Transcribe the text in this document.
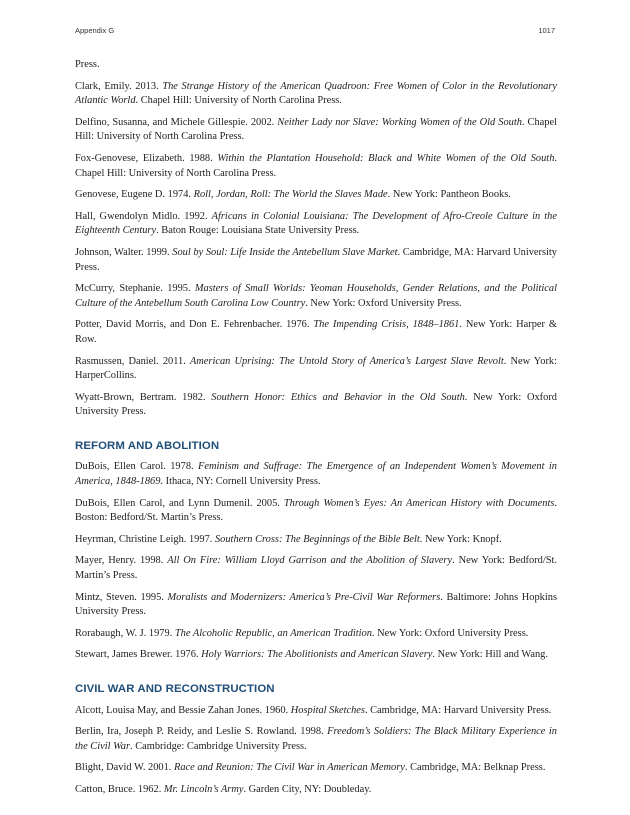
Appendix G	1017
Press.
Clark, Emily. 2013. The Strange History of the American Quadroon: Free Women of Color in the Revolutionary Atlantic World. Chapel Hill: University of North Carolina Press.
Delfino, Susanna, and Michele Gillespie. 2002. Neither Lady nor Slave: Working Women of the Old South. Chapel Hill: University of North Carolina Press.
Fox-Genovese, Elizabeth. 1988. Within the Plantation Household: Black and White Women of the Old South. Chapel Hill: University of North Carolina Press.
Genovese, Eugene D. 1974. Roll, Jordan, Roll: The World the Slaves Made. New York: Pantheon Books.
Hall, Gwendolyn Midlo. 1992. Africans in Colonial Louisiana: The Development of Afro-Creole Culture in the Eighteenth Century. Baton Rouge: Louisiana State University Press.
Johnson, Walter. 1999. Soul by Soul: Life Inside the Antebellum Slave Market. Cambridge, MA: Harvard University Press.
McCurry, Stephanie. 1995. Masters of Small Worlds: Yeoman Households, Gender Relations, and the Political Culture of the Antebellum South Carolina Low Country. New York: Oxford University Press.
Potter, David Morris, and Don E. Fehrenbacher. 1976. The Impending Crisis, 1848–1861. New York: Harper & Row.
Rasmussen, Daniel. 2011. American Uprising: The Untold Story of America’s Largest Slave Revolt. New York: HarperCollins.
Wyatt-Brown, Bertram. 1982. Southern Honor: Ethics and Behavior in the Old South. New York: Oxford University Press.
REFORM AND ABOLITION
DuBois, Ellen Carol. 1978. Feminism and Suffrage: The Emergence of an Independent Women’s Movement in America, 1848-1869. Ithaca, NY: Cornell University Press.
DuBois, Ellen Carol, and Lynn Dumenil. 2005. Through Women’s Eyes: An American History with Documents. Boston: Bedford/St. Martin’s Press.
Heyrman, Christine Leigh. 1997. Southern Cross: The Beginnings of the Bible Belt. New York: Knopf.
Mayer, Henry. 1998. All On Fire: William Lloyd Garrison and the Abolition of Slavery. New York: Bedford/St. Martin’s Press.
Mintz, Steven. 1995. Moralists and Modernizers: America’s Pre-Civil War Reformers. Baltimore: Johns Hopkins University Press.
Rorabaugh, W. J. 1979. The Alcoholic Republic, an American Tradition. New York: Oxford University Press.
Stewart, James Brewer. 1976. Holy Warriors: The Abolitionists and American Slavery. New York: Hill and Wang.
CIVIL WAR AND RECONSTRUCTION
Alcott, Louisa May, and Bessie Zahan Jones. 1960. Hospital Sketches. Cambridge, MA: Harvard University Press.
Berlin, Ira, Joseph P. Reidy, and Leslie S. Rowland. 1998. Freedom’s Soldiers: The Black Military Experience in the Civil War. Cambridge: Cambridge University Press.
Blight, David W. 2001. Race and Reunion: The Civil War in American Memory. Cambridge, MA: Belknap Press.
Catton, Bruce. 1962. Mr. Lincoln’s Army. Garden City, NY: Doubleday.
